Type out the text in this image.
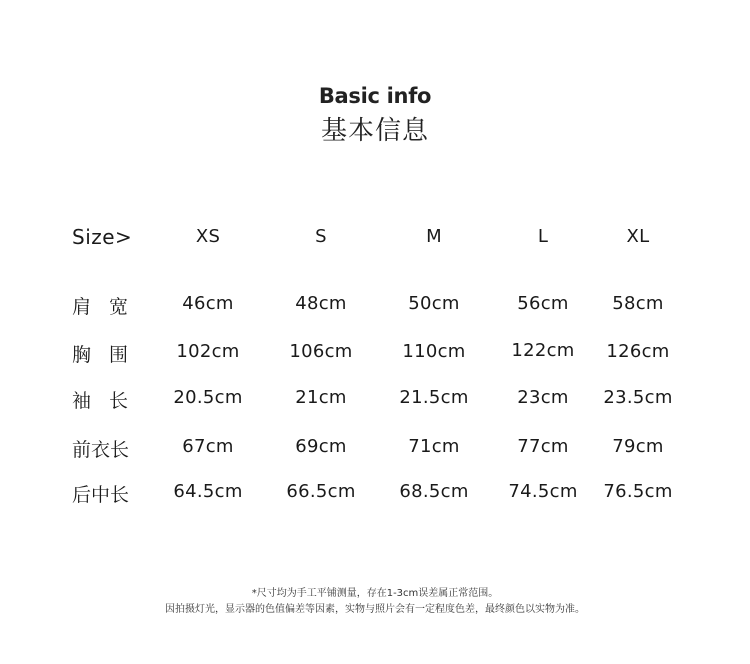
Basic info
基本信息
Size>	XS	S	M	L	XL
肩 宽	46cm	48cm	50cm	56cm	58cm
胸 围	102cm	106cm	110cm	122cm	126cm
袖 长	20.5cm	21cm	21.5cm	23cm	23.5cm
前衣长	67cm	69cm	71cm	77cm	79cm
后中长	64.5cm	66.5cm	68.5cm	74.5cm	76.5cm
*尺寸均为手工平铺测量，存在1-3cm误差属正常范围。
因拍摄灯光，显示器的色值偏差等因素，实物与照片会有一定程度色差，最终颜色以实物为准。
